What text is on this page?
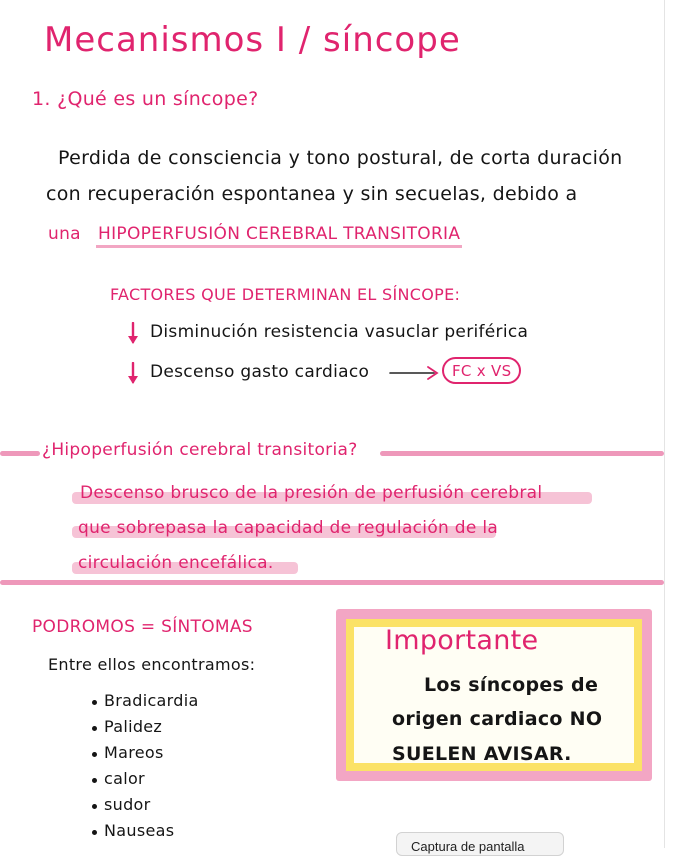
Mecanismos I / síncope
1. ¿Qué es un síncope?
Perdida de consciencia y tono postural, de corta duración
con recuperación espontanea y sin secuelas, debido a
una HIPOPERFUSIÓN CEREBRAL TRANSITORIA
FACTORES QUE DETERMINAN EL SÍNCOPE:
Disminución resistencia vasuclar periférica
Descenso gasto cardiaco	FC x VS
¿Hipoperfusión cerebral transitoria?
Descenso brusco de la presión de perfusión cerebral
que sobrepasa la capacidad de regulación de la
circulación encefálica.
PODROMOS = SÍNTOMAS
Entre ellos encontramos:
Bradicardia
Palidez
Mareos
calor
sudor
Nauseas
Importante
Los síncopes de
origen cardiaco NO
SUELEN AVISAR.
Captura de pantalla
